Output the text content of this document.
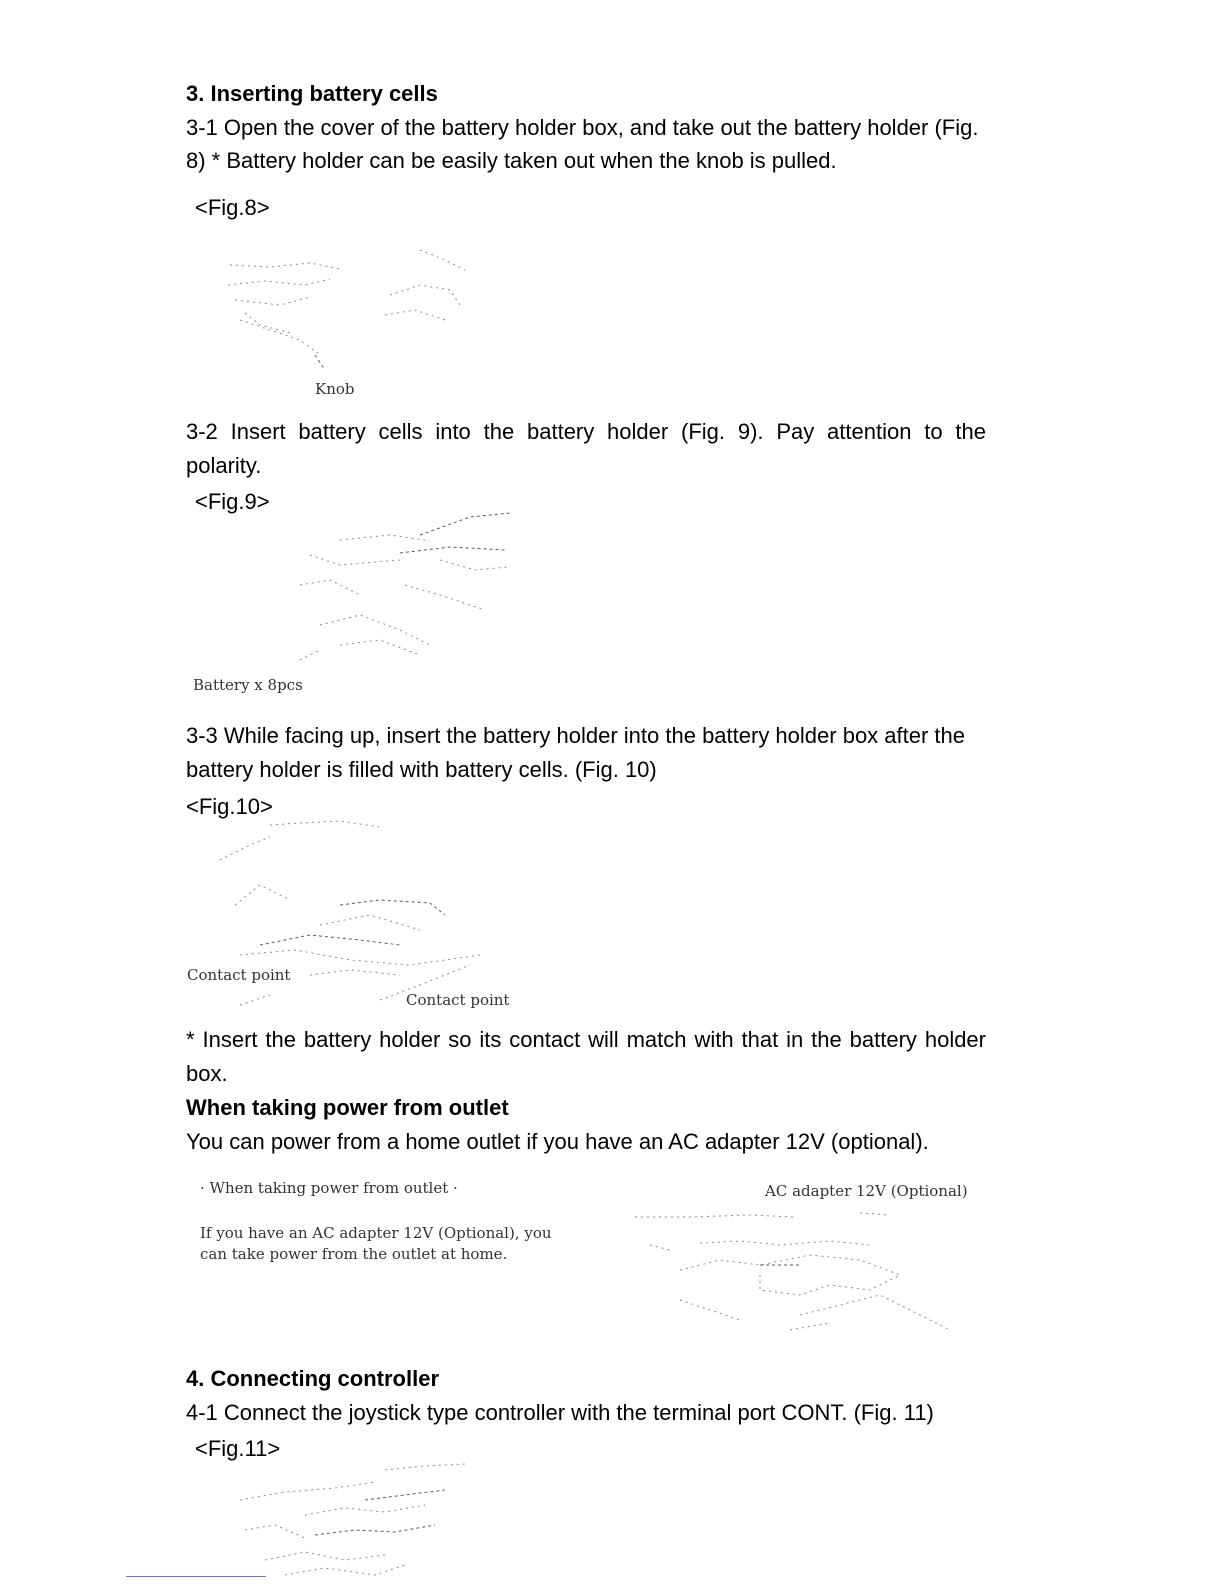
3. Inserting battery cells
3-1 Open the cover of the battery holder box, and take out the battery holder (Fig.
8) * Battery holder can be easily taken out when the knob is pulled.
<Fig.8>
Knob
3-2 Insert battery cells into the battery holder (Fig. 9). Pay attention to the
polarity.
<Fig.9>
Battery x 8pcs
3-3 While facing up, insert the battery holder into the battery holder box after the
battery holder is filled with battery cells. (Fig. 10)
<Fig.10>
Contact point
Contact point
* Insert the battery holder so its contact will match with that in the battery holder
box.
When taking power from outlet
You can power from a home outlet if you have an AC adapter 12V (optional).
· When taking power from outlet ·
If you have an AC adapter 12V (Optional), you
can take power from the outlet at home.
AC adapter 12V (Optional)
4. Connecting controller
4-1 Connect the joystick type controller with the terminal port CONT. (Fig. 11)
<Fig.11>
